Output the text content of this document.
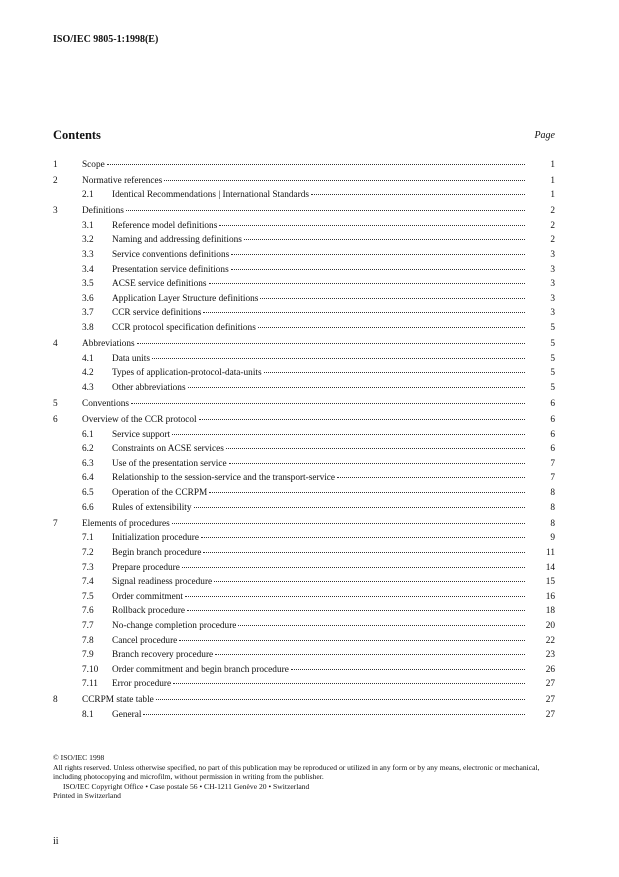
ISO/IEC 9805-1:1998(E)
Contents	Page
1	Scope	1
2	Normative references	1
2.1 Identical Recommendations | International Standards	1
3	Definitions	2
3.1 Reference model definitions	2
3.2 Naming and addressing definitions	2
3.3 Service conventions definitions	3
3.4 Presentation service definitions	3
3.5 ACSE service definitions	3
3.6 Application Layer Structure definitions	3
3.7 CCR service definitions	3
3.8 CCR protocol specification definitions	5
4	Abbreviations	5
4.1 Data units	5
4.2 Types of application-protocol-data-units	5
4.3 Other abbreviations	5
5	Conventions	6
6	Overview of the CCR protocol	6
6.1 Service support	6
6.2 Constraints on ACSE services	6
6.3 Use of the presentation service	7
6.4 Relationship to the session-service and the transport-service	7
6.5 Operation of the CCRPM	8
6.6 Rules of extensibility	8
7	Elements of procedures	8
7.1 Initialization procedure	9
7.2 Begin branch procedure	11
7.3 Prepare procedure	14
7.4 Signal readiness procedure	15
7.5 Order commitment	16
7.6 Rollback procedure	18
7.7 No-change completion procedure	20
7.8 Cancel procedure	22
7.9 Branch recovery procedure	23
7.10 Order commitment and begin branch procedure	26
7.11 Error procedure	27
8	CCRPM state table	27
8.1 General	27

© ISO/IEC 1998

All rights reserved. Unless otherwise specified, no part of this publication may be reproduced or utilized in any form or by any means, electronic or mechanical, including photocopying and microfilm, without permission in writing from the publisher.

ISO/IEC Copyright Office • Case postale 56 • CH-1211 Genève 20 • Switzerland

Printed in Switzerland

ii
